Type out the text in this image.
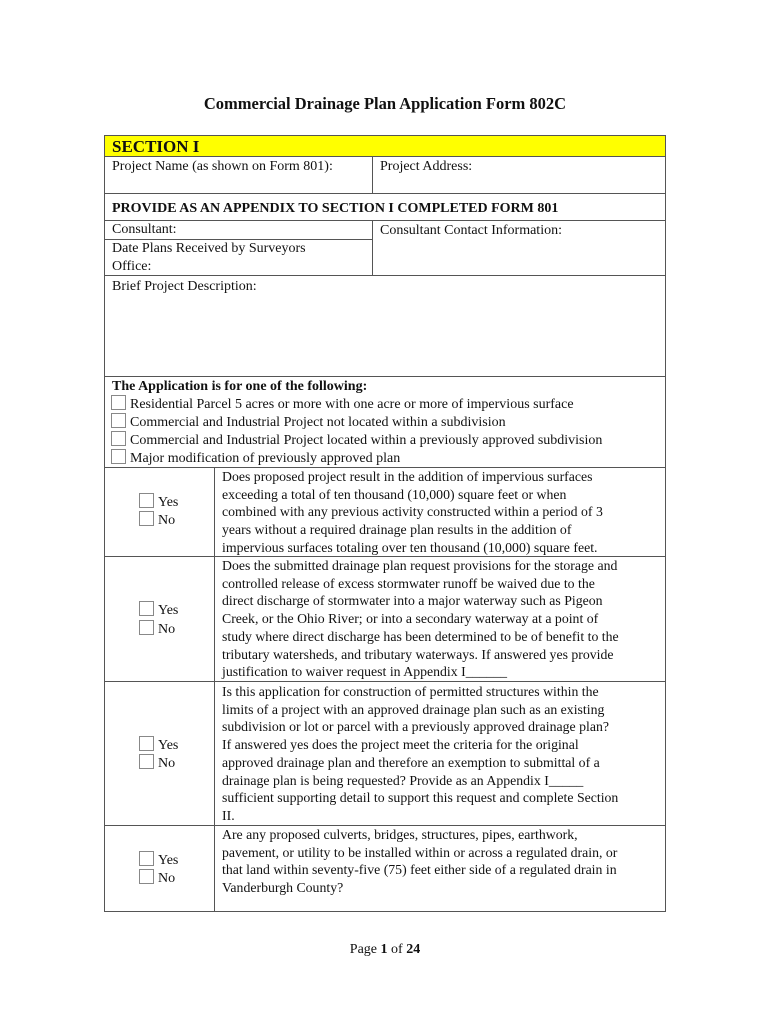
Commercial Drainage Plan Application Form 802C
SECTION I
Project Name (as shown on Form 801):	Project Address:
PROVIDE AS AN APPENDIX TO SECTION I COMPLETED FORM 801
Consultant:
Date Plans Received by Surveyors
Office:
Consultant Contact Information:
Brief Project Description:
The Application is for one of the following:
Residential Parcel 5 acres or more with one acre or more of impervious surface
Commercial and Industrial Project not located within a subdivision
Commercial and Industrial Project located within a previously approved subdivision
Major modification of previously approved plan
Yes
No
Does proposed project result in the addition of impervious surfaces
exceeding a total of ten thousand (10,000) square feet or when
combined with any previous activity constructed within a period of 3
years without a required drainage plan results in the addition of
impervious surfaces totaling over ten thousand (10,000) square feet.
Yes
No
Does the submitted drainage plan request provisions for the storage and
controlled release of excess stormwater runoff be waived due to the
direct discharge of stormwater into a major waterway such as Pigeon
Creek, or the Ohio River; or into a secondary waterway at a point of
study where direct discharge has been determined to be of benefit to the
tributary watersheds, and tributary waterways. If answered yes provide
justification to waiver request in Appendix I______
Yes
No
Is this application for construction of permitted structures within the
limits of a project with an approved drainage plan such as an existing
subdivision or lot or parcel with a previously approved drainage plan?
If answered yes does the project meet the criteria for the original
approved drainage plan and therefore an exemption to submittal of a
drainage plan is being requested? Provide as an Appendix I_____
sufficient supporting detail to support this request and complete Section
II.
Yes
No
Are any proposed culverts, bridges, structures, pipes, earthwork,
pavement, or utility to be installed within or across a regulated drain, or
that land within seventy-five (75) feet either side of a regulated drain in
Vanderburgh County?
Page 1 of 24
